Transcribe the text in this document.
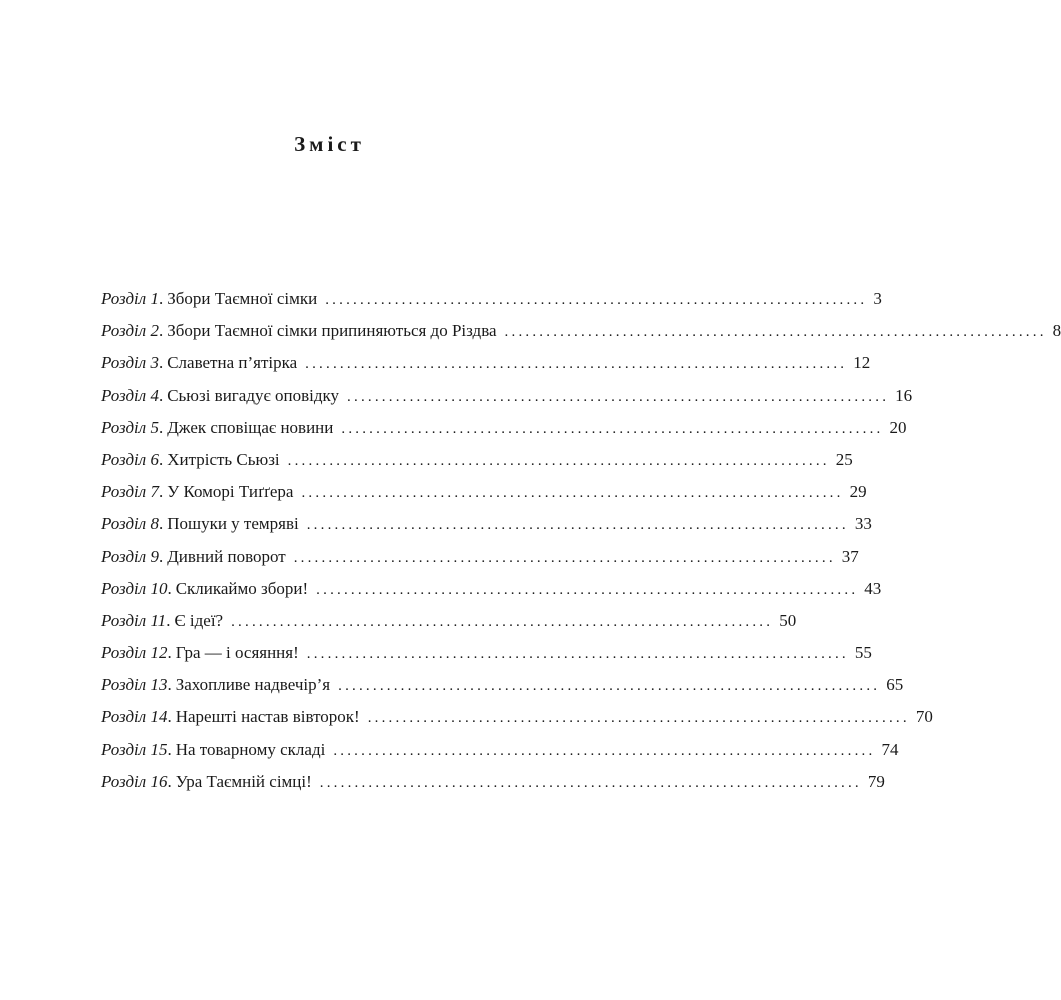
Зміст
Розділ 1 . Збори Таємної сімки .............................................................................. 3
Розділ 2 . Збори Таємної сімки припиняються до Різдва .............................................................................. 8
Розділ 3 . Славетна п’ятірка .............................................................................. 12
Розділ 4 . Сьюзі вигадує оповідку .............................................................................. 16
Розділ 5 . Джек сповіщає новини .............................................................................. 20
Розділ 6 . Хитрість Сьюзі .............................................................................. 25
Розділ 7 . У Коморі Тиґґера .............................................................................. 29
Розділ 8 . Пошуки у темряві .............................................................................. 33
Розділ 9 . Дивний поворот .............................................................................. 37
Розділ 10 . Скликаймо збори! .............................................................................. 43
Розділ 11 . Є ідеї? .............................................................................. 50
Розділ 12 . Гра — і осяяння! .............................................................................. 55
Розділ 13 . Захопливе надвечір’я .............................................................................. 65
Розділ 14 . Нарешті настав вівторок! .............................................................................. 70
Розділ 15 . На товарному складі .............................................................................. 74
Розділ 16 . Ура Таємній сімці! .............................................................................. 79
